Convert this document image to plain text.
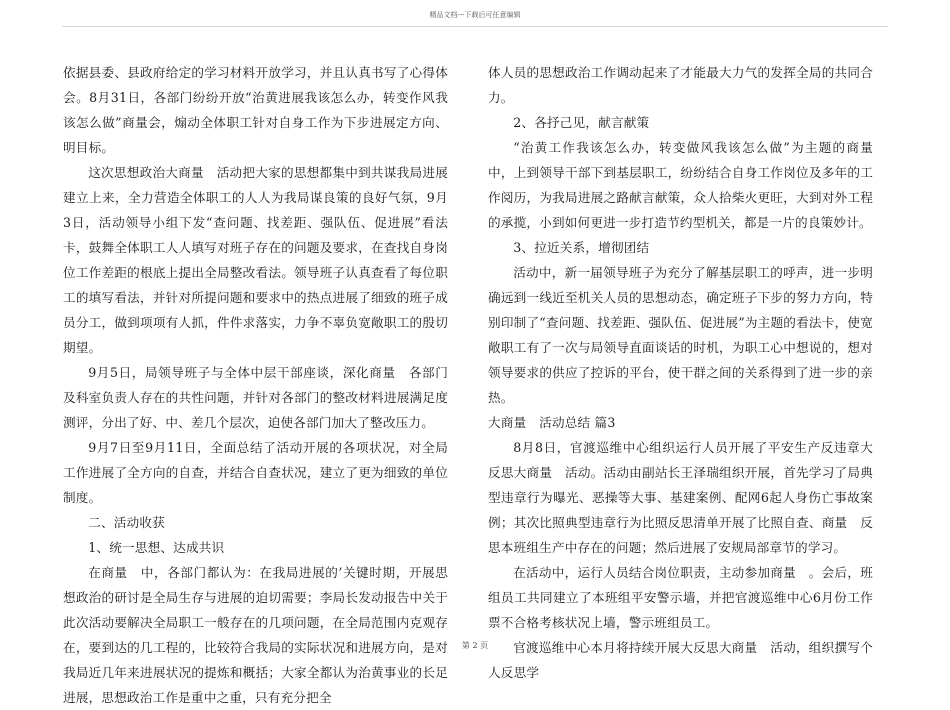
精品文档---下载后可任意编辑

依据县委、县政府给定的学习材料开放学习，并且认真书写了心得体会。8月31日，各部门纷纷开放“治黄进展我该怎么办，转变作风我该怎么做”商量会，煽动全体职工针对自身工作为下步进展定方向、明目标。

这次思想政治大商量　活动把大家的思想都集中到共谋我局进展建立上来，全力营造全体职工的人人为我局谋良策的良好气氛，9月3日，活动领导小组下发“查问题、找差距、强队伍、促进展”看法卡，鼓舞全体职工人人填写对班子存在的问题及要求，在查找自身岗位工作差距的根底上提出全局整改看法。领导班子认真查看了每位职工的填写看法，并针对所提问题和要求中的热点进展了细致的班子成员分工，做到项项有人抓，件件求落实，力争不辜负宽敞职工的殷切期望。

9月5日，局领导班子与全体中层干部座谈，深化商量　各部门及科室负责人存在的共性问题，并针对各部门的整改材料进展满足度测评，分出了好、中、差几个层次，迫使各部门加大了整改压力。

9月7日至9月11日，全面总结了活动开展的各项状况，对全局工作进展了全方向的自查，并结合自查状况，建立了更为细致的单位制度。

二、活动收获

1、统一思想、达成共识

在商量　中，各部门都认为：在我局进展的’关键时期，开展思想政治的研讨是全局生存与进展的迫切需要；李局长发动报告中关于此次活动要解决全局职工一般存在的几项问题，在全局范围内克观存在，要到达的几工程的，比较符合我局的实际状况和进展方向，是对我局近几年来进展状况的提炼和概括；大家全都认为治黄事业的长足进展，思想政治工作是重中之重，只有充分把全

体人员的思想政治工作调动起来了才能最大力气的发挥全局的共同合力。

2、各抒己见，献言献策

“治黄工作我该怎么办，转变做风我该怎么做”为主题的商量　中，上到领导干部下到基层职工，纷纷结合自身工作岗位及多年的工作阅历，为我局进展之路献言献策，众人拾柴火更旺，大到对外工程的承揽，小到如何更进一步打造节约型机关，都是一片的良策妙计。

3、拉近关系，增彻团结

活动中，新一届领导班子为充分了解基层职工的呼声，进一步明确远到一线近至机关人员的思想动态，确定班子下步的努力方向，特别印制了“查问题、找差距、强队伍、促进展”为主题的看法卡，使宽敞职工有了一次与局领导直面谈话的时机，为职工心中想说的，想对领导要求的供应了控诉的平台，使干群之间的关系得到了进一步的亲热。

大商量　活动总结 篇3

8月8日，官渡巡维中心组织运行人员开展了平安生产反违章大反思大商量　活动。活动由副站长王泽瑞组织开展，首先学习了局典型违章行为曝光、恶操等大事、基建案例、配网6起人身伤亡事故案例；其次比照典型违章行为比照反思清单开展了比照自查、商量　反思本班组生产中存在的问题；然后进展了安规局部章节的学习。

在活动中，运行人员结合岗位职责，主动参加商量　。会后，班组员工共同建立了本班组平安警示墙，并把官渡巡维中心6月份工作票不合格考核状况上墙，警示班组员工。

官渡巡维中心本月将持续开展大反思大商量　活动，组织撰写个人反思学

第 2 页
